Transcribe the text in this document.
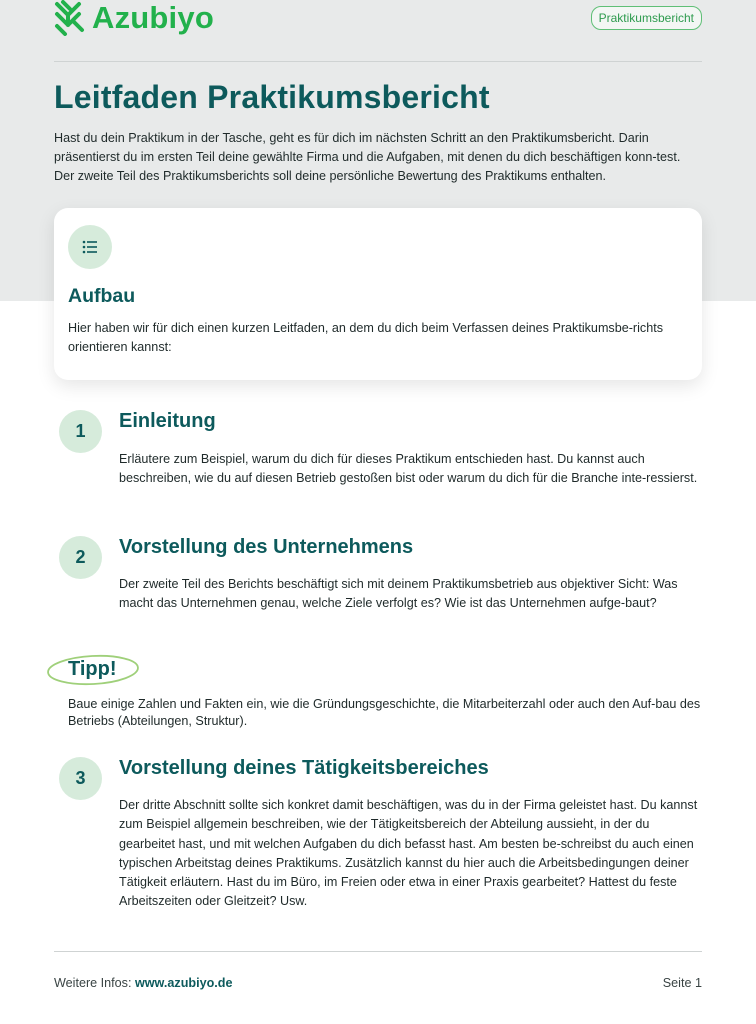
Azubiyo	Praktikumsbericht
Leitfaden Praktikumsbericht

Hast du dein Praktikum in der Tasche, geht es für dich im nächsten Schritt an den Praktikumsbericht. Darin präsentierst du im ersten Teil deine gewählte Firma und die Aufgaben, mit denen du dich beschäftigen konn-test. Der zweite Teil des Praktikumsberichts soll deine persönliche Bewertung des Praktikums enthalten.

Aufbau

Hier haben wir für dich einen kurzen Leitfaden, an dem du dich beim Verfassen deines Praktikumsbe-richts orientieren kannst:

1	Einleitung

Erläutere zum Beispiel, warum du dich für dieses Praktikum entschieden hast. Du kannst auch beschreiben, wie du auf diesen Betrieb gestoßen bist oder warum du dich für die Branche inte-ressierst.

2	Vorstellung des Unternehmens

Der zweite Teil des Berichts beschäftigt sich mit deinem Praktikumsbetrieb aus objektiver Sicht: Was macht das Unternehmen genau, welche Ziele verfolgt es? Wie ist das Unternehmen aufge-baut?

Tipp!

Baue einige Zahlen und Fakten ein, wie die Gründungsgeschichte, die Mitarbeiterzahl oder auch den Auf-bau des Betriebs (Abteilungen, Struktur).

3	Vorstellung deines Tätigkeitsbereiches

Der dritte Abschnitt sollte sich konkret damit beschäftigen, was du in der Firma geleistet hast. Du kannst zum Beispiel allgemein beschreiben, wie der Tätigkeitsbereich der Abteilung aussieht, in der du gearbeitet hast, und mit welchen Aufgaben du dich befasst hast. Am besten be-schreibst du auch einen typischen Arbeitstag deines Praktikums. Zusätzlich kannst du hier auch die Arbeitsbedingungen deiner Tätigkeit erläutern. Hast du im Büro, im Freien oder etwa in einer Praxis gearbeitet? Hattest du feste Arbeitszeiten oder Gleitzeit? Usw.

Weitere Infos: www.azubiyo.de	Seite 1
